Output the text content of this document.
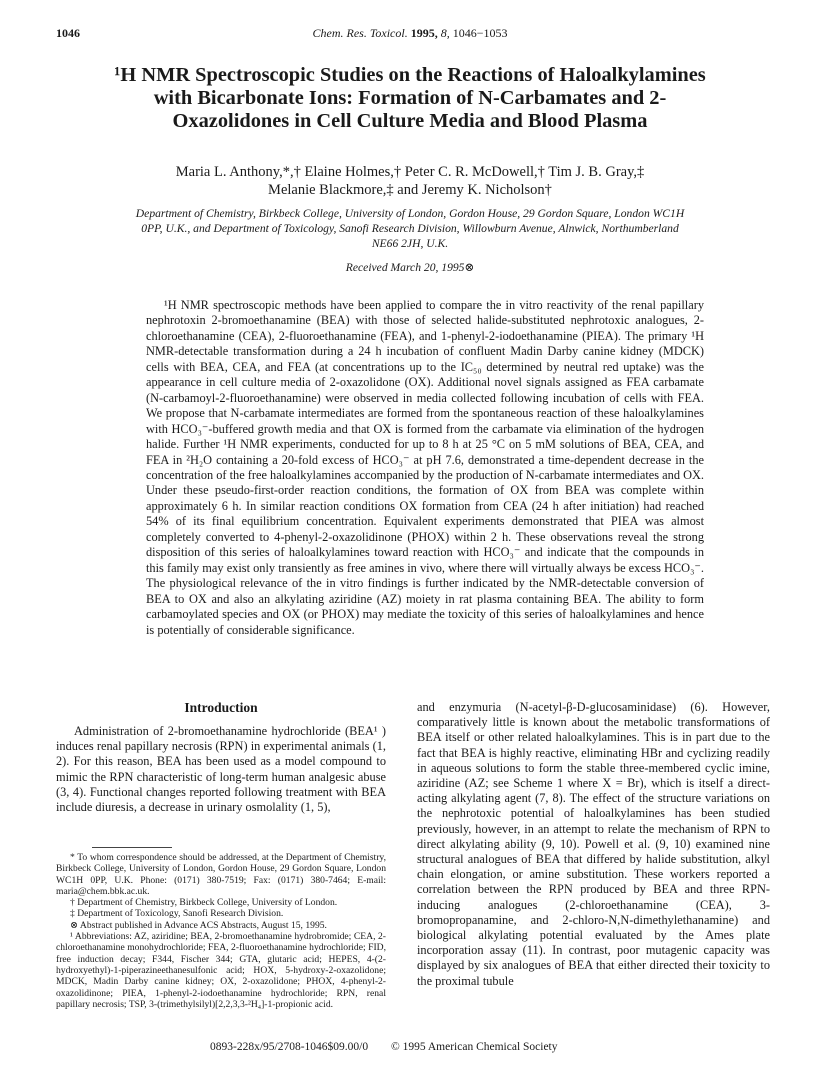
1046	Chem. Res. Toxicol. 1995, 8, 1046−1053
¹H NMR Spectroscopic Studies on the Reactions of Haloalkylamines with Bicarbonate Ions: Formation of N-Carbamates and 2-Oxazolidones in Cell Culture Media and Blood Plasma
Maria L. Anthony,*,† Elaine Holmes,† Peter C. R. McDowell,† Tim J. B. Gray,‡
Melanie Blackmore,‡ and Jeremy K. Nicholson†
Department of Chemistry, Birkbeck College, University of London, Gordon House, 29 Gordon Square, London WC1H 0PP, U.K., and Department of Toxicology, Sanofi Research Division, Willowburn Avenue, Alnwick, Northumberland NE66 2JH, U.K.
Received March 20, 1995⊗

¹H NMR spectroscopic methods have been applied to compare the in vitro reactivity of the renal papillary nephrotoxin 2-bromoethanamine (BEA) with those of selected halide-substituted nephrotoxic analogues, 2-chloroethanamine (CEA), 2-fluoroethanamine (FEA), and 1-phenyl-2-iodoethanamine (PIEA). The primary ¹H NMR-detectable transformation during a 24 h incubation of confluent Madin Darby canine kidney (MDCK) cells with BEA, CEA, and FEA (at concentrations up to the IC₅₀ determined by neutral red uptake) was the appearance in cell culture media of 2-oxazolidone (OX). Additional novel signals assigned as FEA carbamate (N-carbamoyl-2-fluoroethanamine) were observed in media collected following incubation of cells with FEA. We propose that N-carbamate intermediates are formed from the spontaneous reaction of these haloalkylamines with HCO₃⁻-buffered growth media and that OX is formed from the carbamate via elimination of the hydrogen halide. Further ¹H NMR experiments, conducted for up to 8 h at 25 °C on 5 mM solutions of BEA, CEA, and FEA in ²H₂O containing a 20-fold excess of HCO₃⁻ at pH 7.6, demonstrated a time-dependent decrease in the concentration of the free haloalkylamines accompanied by the production of N-carbamate intermediates and OX. Under these pseudo-first-order reaction conditions, the formation of OX from BEA was complete within approximately 6 h. In similar reaction conditions OX formation from CEA (24 h after initiation) had reached 54% of its final equilibrium concentration. Equivalent experiments demonstrated that PIEA was almost completely converted to 4-phenyl-2-oxazolidinone (PHOX) within 2 h. These observations reveal the strong disposition of this series of haloalkylamines toward reaction with HCO₃⁻ and indicate that the compounds in this family may exist only transiently as free amines in vivo, where there will virtually always be excess HCO₃⁻. The physiological relevance of the in vitro findings is further indicated by the NMR-detectable conversion of BEA to OX and also an alkylating aziridine (AZ) moiety in rat plasma containing BEA. The ability to form carbamoylated species and OX (or PHOX) may mediate the toxicity of this series of haloalkylamines and hence is potentially of considerable significance.

Introduction

Administration of 2-bromoethanamine hydrochloride (BEA¹ ) induces renal papillary necrosis (RPN) in experimental animals (1, 2). For this reason, BEA has been used as a model compound to mimic the RPN characteristic of long-term human analgesic abuse (3, 4). Functional changes reported following treatment with BEA include diuresis, a decrease in urinary osmolality (1, 5),

and enzymuria (N-acetyl-β-D-glucosaminidase) (6). However, comparatively little is known about the metabolic transformations of BEA itself or other related haloalkylamines. This is in part due to the fact that BEA is highly reactive, eliminating HBr and cyclizing readily in aqueous solutions to form the stable three-membered cyclic imine, aziridine (AZ; see Scheme 1 where X = Br), which is itself a direct-acting alkylating agent (7, 8). The effect of the structure variations on the nephrotoxic potential of haloalkylamines has been studied previously, however, in an attempt to relate the mechanism of RPN to direct alkylating ability (9, 10). Powell et al. (9, 10) examined nine structural analogues of BEA that differed by halide substitution, alkyl chain elongation, or amine substitution. These workers reported a correlation between the RPN produced by BEA and three RPN-inducing analogues (2-chloroethanamine (CEA), 3-bromopropanamine, and 2-chloro-N,N-dimethylethanamine) and biological alkylating potential evaluated by the Ames plate incorporation assay (11). In contrast, poor mutagenic capacity was displayed by six analogues of BEA that either directed their toxicity to the proximal tubule

* To whom correspondence should be addressed, at the Department of Chemistry, Birkbeck College, University of London, Gordon House, 29 Gordon Square, London WC1H 0PP, U.K. Phone: (0171) 380-7519; Fax: (0171) 380-7464; E-mail: maria@chem.bbk.ac.uk.

† Department of Chemistry, Birkbeck College, University of London.

‡ Department of Toxicology, Sanofi Research Division.

⊗ Abstract published in Advance ACS Abstracts, August 15, 1995.

¹ Abbreviations: AZ, aziridine; BEA, 2-bromoethanamine hydrobromide; CEA, 2-chloroethanamine monohydrochloride; FEA, 2-fluoroethanamine hydrochloride; FID, free induction decay; F344, Fischer 344; GTA, glutaric acid; HEPES, 4-(2-hydroxyethyl)-1-piperazineethanesulfonic acid; HOX, 5-hydroxy-2-oxazolidone; MDCK, Madin Darby canine kidney; OX, 2-oxazolidone; PHOX, 4-phenyl-2-oxazolidinone; PIEA, 1-phenyl-2-iodoethanamine hydrochloride; RPN, renal papillary necrosis; TSP, 3-(trimethylsilyl)[2,2,3,3-²H₄]-1-propionic acid.

0893-228x/95/2708-1046$09.00/0 © 1995 American Chemical Society
